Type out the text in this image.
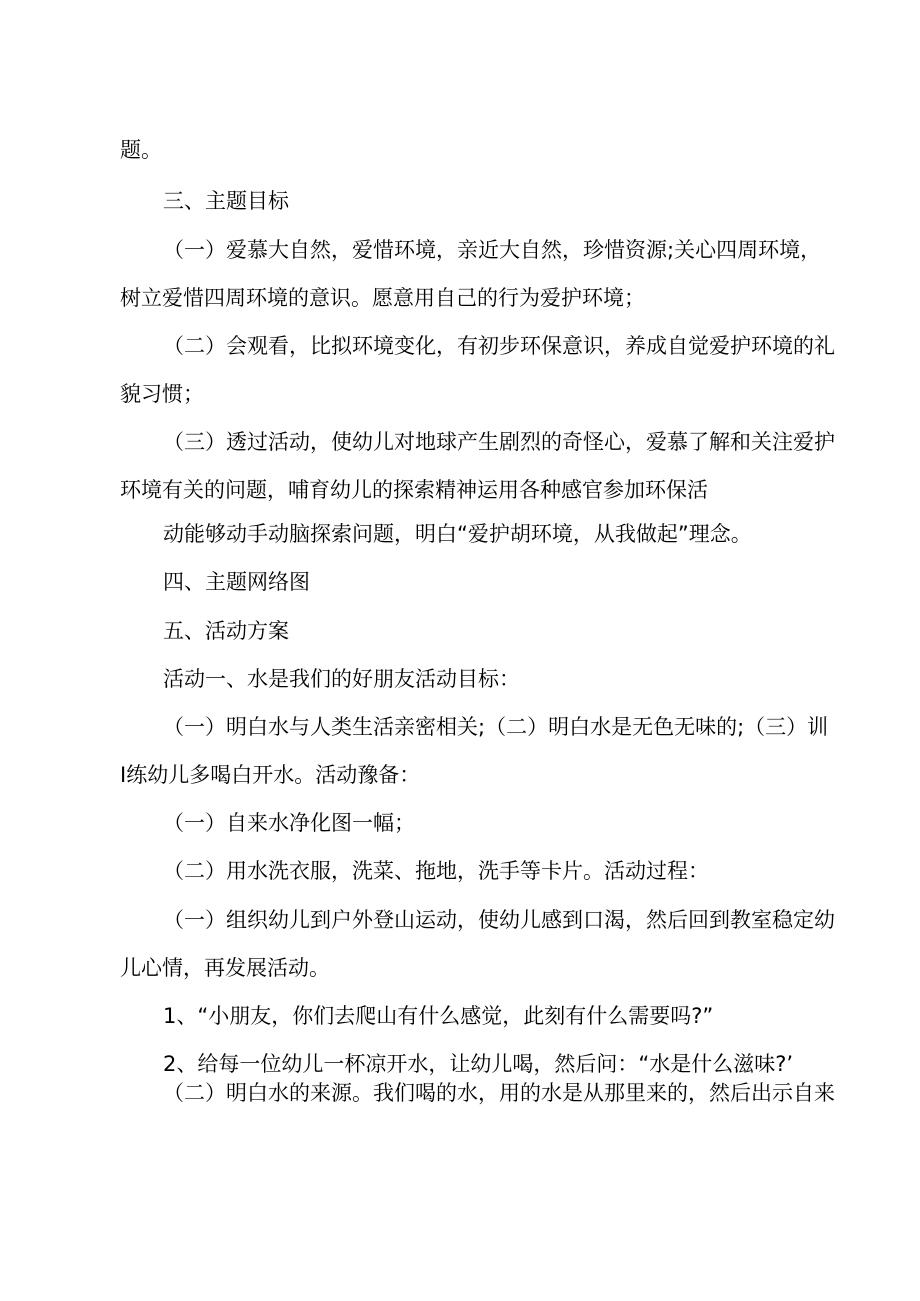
题。
三、主题目标
（一）爱慕大自然，爱惜环境，亲近大自然，珍惜资源;关心四周环境，
树立爱惜四周环境的意识。愿意用自己的行为爱护环境；
（二）会观看，比拟环境变化，有初步环保意识，养成自觉爱护环境的礼
貌习惯；
（三）透过活动，使幼儿对地球产生剧烈的奇怪心，爱慕了解和关注爱护
环境有关的问题，哺育幼儿的探索精神运用各种感官参加环保活
动能够动手动脑探索问题，明白“爱护胡环境，从我做起”理念。
四、主题网络图
五、活动方案
活动一、水是我们的好朋友活动目标：
（一）明白水与人类生活亲密相关;（二）明白水是无色无味的;（三）训
I练幼儿多喝白开水。活动豫备：
（一）自来水净化图一幅；
（二）用水洗衣服，洗菜、拖地，洗手等卡片。活动过程：
（一）组织幼儿到户外登山运动，使幼儿感到口渴，然后回到教室稳定幼
儿心情，再发展活动。
1、“小朋友，你们去爬山有什么感觉，此刻有什么需要吗?”
2、给每一位幼儿一杯凉开水，让幼儿喝，然后问：“水是什么滋味?’
（二）明白水的来源。我们喝的水，用的水是从那里来的，然后出示自来
